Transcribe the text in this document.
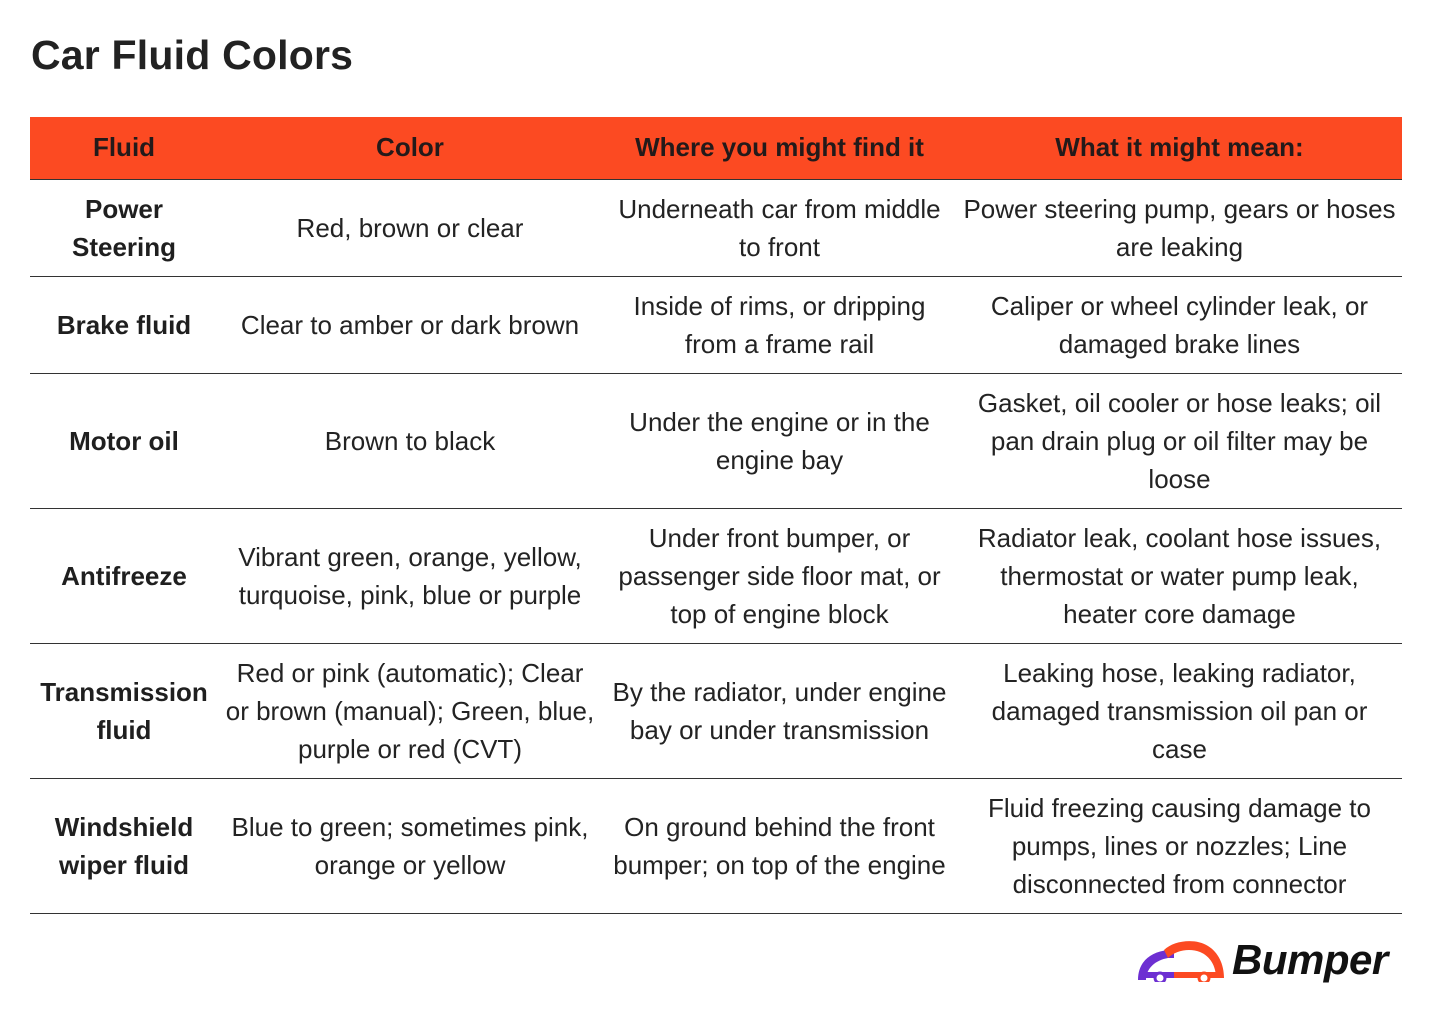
Car Fluid Colors
Fluid	Color	Where you might find it	What it might mean:
Power Steering	Red, brown or clear	Underneath car from middle to front	Power steering pump, gears or hoses are leaking
Brake fluid	Clear to amber or dark brown	Inside of rims, or dripping from a frame rail	Caliper or wheel cylinder leak, or damaged brake lines
Motor oil	Brown to black	Under the engine or in the engine bay	Gasket, oil cooler or hose leaks; oil pan drain plug or oil filter may be loose
Antifreeze	Vibrant green, orange, yellow, turquoise, pink, blue or purple	Under front bumper, or passenger side floor mat, or top of engine block	Radiator leak, coolant hose issues, thermostat or water pump leak, heater core damage
Transmission fluid	Red or pink (automatic); Clear or brown (manual); Green, blue, purple or red (CVT)	By the radiator, under engine bay or under transmission	Leaking hose, leaking radiator, damaged transmission oil pan or case
Windshield wiper fluid	Blue to green; sometimes pink, orange or yellow	On ground behind the front bumper; on top of the engine	Fluid freezing causing damage to pumps, lines or nozzles; Line disconnected from connector
Bumper
